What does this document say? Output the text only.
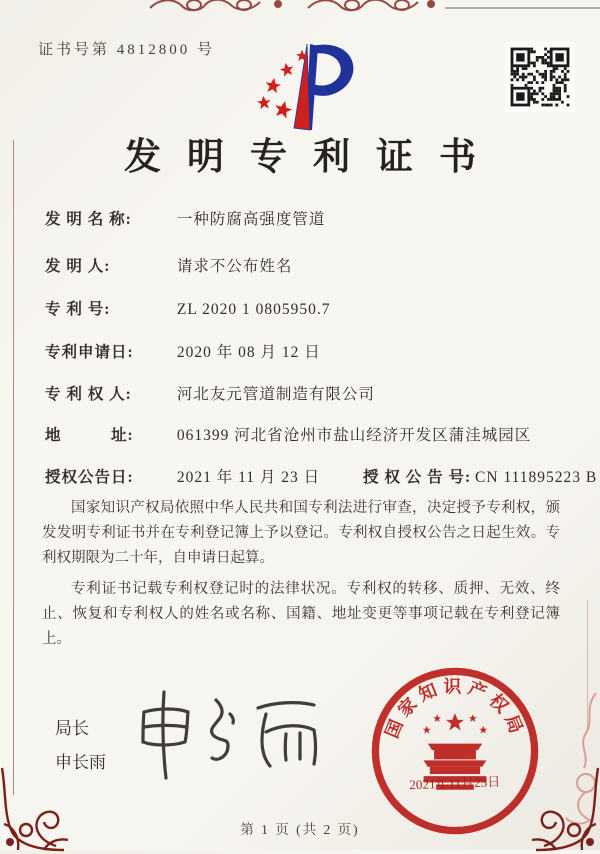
证书号第 4812800 号
发明专利证书
发 明 名 称:	一种防腐高强度管道
发 明 人:	请求不公布姓名
专 利 号:	ZL 2020 1 0805950.7
专利申请日:	2020 年 08 月 12 日
专 利 权 人:	河北友元管道制造有限公司
地　　　址:	061399 河北省沧州市盐山经济开发区蒲洼城园区
授权公告日:	2021 年 11 月 23 日	授 权 公 告 号: CN 111895223 B

国家知识产权局依照中华人民共和国专利法进行审查，决定授予专利权，颁发发明专利证书并在专利登记簿上予以登记。专利权自授权公告之日起生效。专利权期限为二十年，自申请日起算。

专利证书记载专利权登记时的法律状况。专利权的转移、质押、无效、终止、恢复和专利权人的姓名或名称、国籍、地址变更等事项记载在专利登记簿上。

局长
申长雨
国家知识产权局
2021年11月23日
第 1 页 (共 2 页)
